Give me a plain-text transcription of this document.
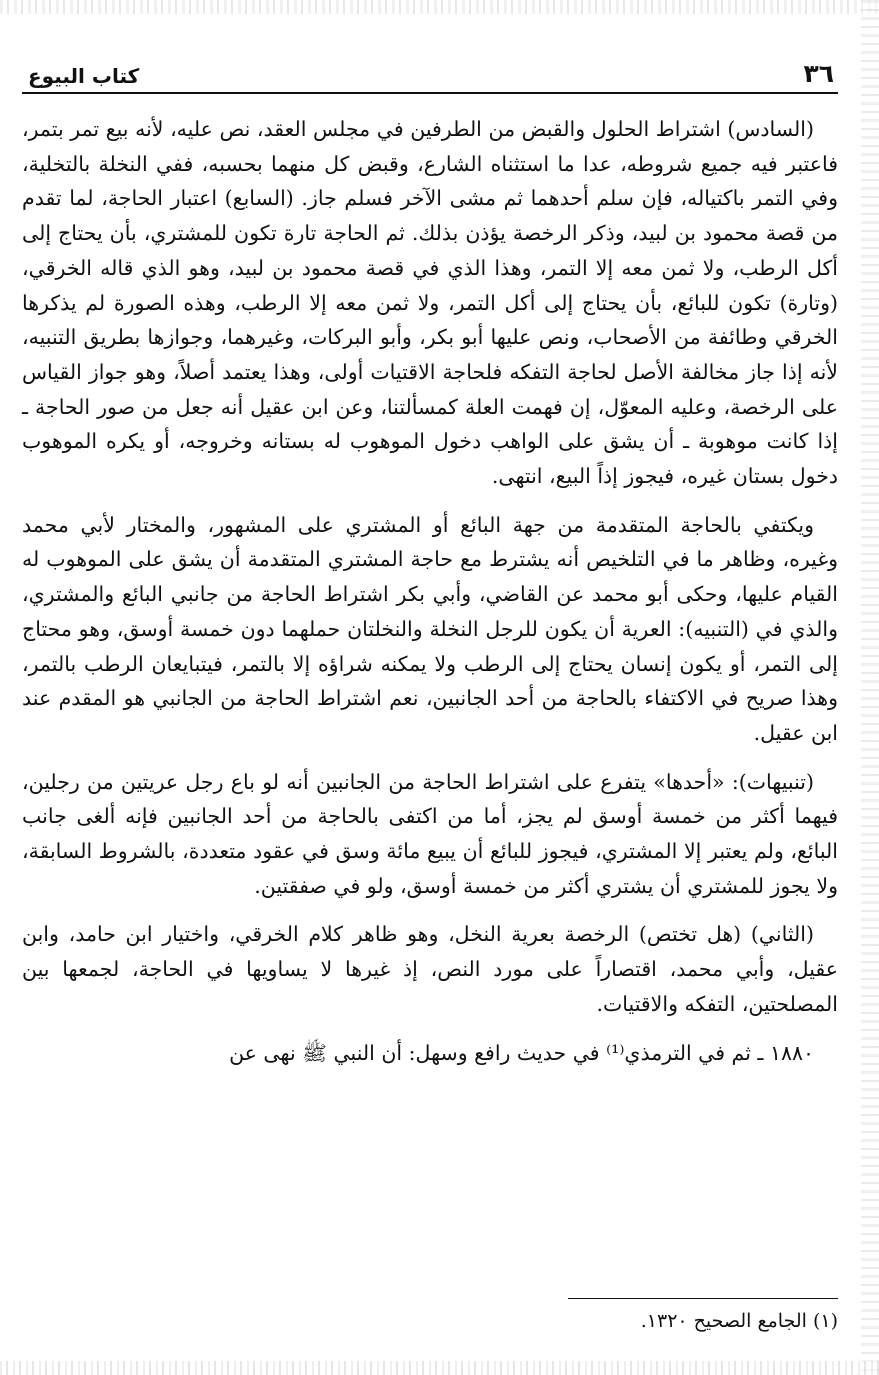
٣٦
كتاب البيوع

(السادس) اشتراط الحلول والقبض من الطرفين في مجلس العقد، نص عليه، لأنه بيع تمر بتمر، فاعتبر فيه جميع شروطه، عدا ما استثناه الشارع، وقبض كل منهما بحسبه، ففي النخلة بالتخلية، وفي التمر باكتياله، فإن سلم أحدهما ثم مشى الآخر فسلم جاز. (السابع) اعتبار الحاجة، لما تقدم من قصة محمود بن لبيد، وذكر الرخصة يؤذن بذلك. ثم الحاجة تارة تكون للمشتري، بأن يحتاج إلى أكل الرطب، ولا ثمن معه إلا التمر، وهذا الذي في قصة محمود بن لبيد، وهو الذي قاله الخرقي، (وتارة) تكون للبائع، بأن يحتاج إلى أكل التمر، ولا ثمن معه إلا الرطب، وهذه الصورة لم يذكرها الخرقي وطائفة من الأصحاب، ونص عليها أبو بكر، وأبو البركات، وغيرهما، وجوازها بطريق التنبيه، لأنه إذا جاز مخالفة الأصل لحاجة التفكه فلحاجة الاقتيات أولى، وهذا يعتمد أصلاً، وهو جواز القياس على الرخصة، وعليه المعوّل، إن فهمت العلة كمسألتنا، وعن ابن عقيل أنه جعل من صور الحاجة ـ إذا كانت موهوبة ـ أن يشق على الواهب دخول الموهوب له بستانه وخروجه، أو يكره الموهوب دخول بستان غيره، فيجوز إذاً البيع، انتهى.

ويكتفي بالحاجة المتقدمة من جهة البائع أو المشتري على المشهور، والمختار لأبي محمد وغيره، وظاهر ما في التلخيص أنه يشترط مع حاجة المشتري المتقدمة أن يشق على الموهوب له القيام عليها، وحكى أبو محمد عن القاضي، وأبي بكر اشتراط الحاجة من جانبي البائع والمشتري، والذي في (التنبيه): العرية أن يكون للرجل النخلة والنخلتان حملهما دون خمسة أوسق، وهو محتاج إلى التمر، أو يكون إنسان يحتاج إلى الرطب ولا يمكنه شراؤه إلا بالتمر، فيتبايعان الرطب بالتمر، وهذا صريح في الاكتفاء بالحاجة من أحد الجانبين، نعم اشتراط الحاجة من الجانبي هو المقدم عند ابن عقيل.

(تنبيهات): «أحدها» يتفرع على اشتراط الحاجة من الجانبين أنه لو باع رجل عريتين من رجلين، فيهما أكثر من خمسة أوسق لم يجز، أما من اكتفى بالحاجة من أحد الجانبين فإنه ألغى جانب البائع، ولم يعتبر إلا المشتري، فيجوز للبائع أن يبيع مائة وسق في عقود متعددة، بالشروط السابقة، ولا يجوز للمشتري أن يشتري أكثر من خمسة أوسق، ولو في صفقتين.

(الثاني) (هل تختص) الرخصة بعرية النخل، وهو ظاهر كلام الخرقي، واختيار ابن حامد، وابن عقيل، وأبي محمد، اقتصاراً على مورد النص، إذ غيرها لا يساويها في الحاجة، لجمعها بين المصلحتين، التفكه والاقتيات.

١٨٨٠ ـ ثم في الترمذي⁽¹⁾ في حديث رافع وسهل: أن النبي ﷺ نهى عن

(١) الجامع الصحيح ١٣٢٠.
